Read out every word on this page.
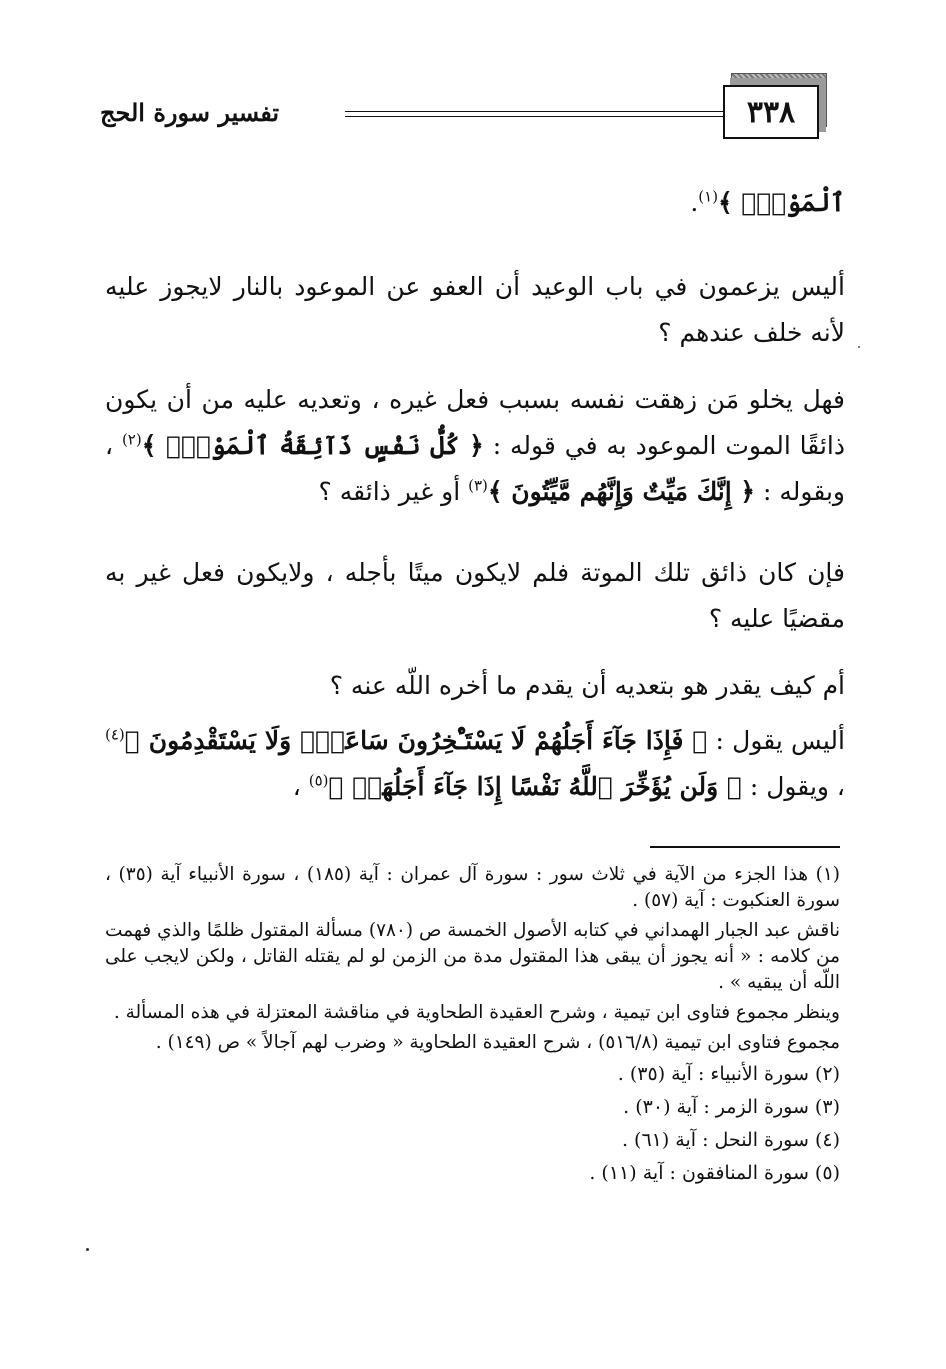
٣٣٨
تفسير سورة الحج
ٱلْمَوْتِۗ ﴾$^{(١)}$.
أليس يزعمون في باب الوعيد أن العفو عن الموعود بالنار لايجوز عليه لأنه خلف عندهم ؟
فهل يخلو مَن زهقت نفسه بسبب فعل غيره ، وتعديه عليه من أن يكون ذائقًا الموت الموعود به في قوله : ﴿ كُلُّ نَفْسٍ ذَآئِقَةُ ٱلْمَوْتِۗ ﴾$^{(٢)}$ ، وبقوله : ﴿ إِنَّكَ مَيِّتٌ وَإِنَّهُم مَّيِّتُونَ ﴾$^{(٣)}$ أو غير ذائقه ؟
فإن كان ذائق تلك الموتة فلم لايكون ميتًا بأجله ، ولايكون فعل غير به مقضيًا عليه ؟
أم كيف يقدر هو بتعديه أن يقدم ما أخره اللّه عنه ؟
أليس يقول : ﴿ فَإِذَا جَآءَ أَجَلُهُمْ لَا يَسْتَـْٔخِرُونَ سَاعَةًۖ وَلَا يَسْتَقْدِمُونَ ﴾$^{(٤)}$ ، ويقول : ﴿ وَلَن يُؤَخِّرَ ٱللَّهُ نَفْسًا إِذَا جَآءَ أَجَلُهَاۚ ﴾$^{(٥)}$ ،

(١) هذا الجزء من الآية في ثلاث سور : سورة آل عمران : آية (١٨٥) ، سورة الأنبياء آية (٣٥) ، سورة العنكبوت : آية (٥٧) .

ناقش عبد الجبار الهمداني في كتابه الأصول الخمسة ص (٧٨٠) مسألة المقتول ظلمًا والذي فهمت من كلامه : « أنه يجوز أن يبقى هذا المقتول مدة من الزمن لو لم يقتله القاتل ، ولكن لايجب على اللّه أن يبقيه » .

وينظر مجموع فتاوى ابن تيمية ، وشرح العقيدة الطحاوية في مناقشة المعتزلة في هذه المسألة .

مجموع فتاوى ابن تيمية (٥١٦/٨) ، شرح العقيدة الطحاوية « وضرب لهم آجالاً » ص (١٤٩) .

(٢) سورة الأنبياء : آية (٣٥) .

(٣) سورة الزمر : آية (٣٠) .

(٤) سورة النحل : آية (٦١) .

(٥) سورة المنافقون : آية (١١) .
